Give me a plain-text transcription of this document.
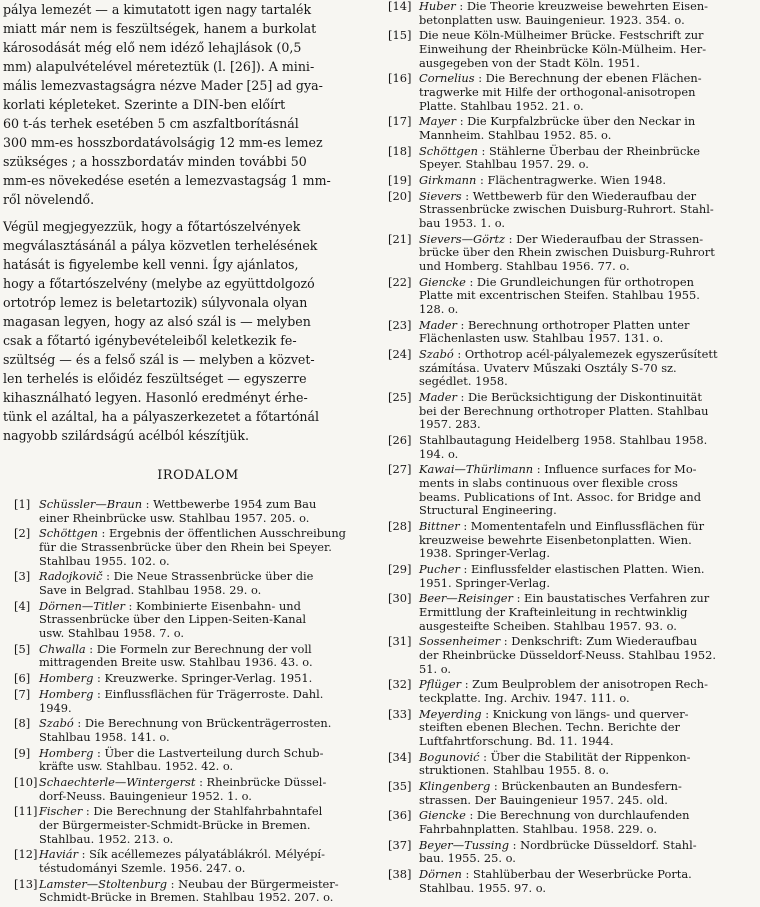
pálya lemezét — a kimutatott igen nagy tartalék
miatt már nem is feszültségek, hanem a burkolat
károsodását még elő nem idéző lehajlások (0,5
mm) alapulvételével méreteztük (l. [26]). A mini-
mális lemezvastagságra nézve Mader [25] ad gya-
korlati képleteket. Szerinte a DIN-ben előírt
60 t-ás terhek esetében 5 cm aszfaltborításnál
300 mm-es hosszbordatávolságig 12 mm-es lemez
szükséges ; a hosszbordatáv minden további 50
mm-es növekedése esetén a lemezvastagság 1 mm-
ről növelendő.

Végül megjegyezzük, hogy a főtartószelvények
megválasztásánál a pálya közvetlen terhelésének
hatását is figyelembe kell venni. Így ajánlatos,
hogy a főtartószelvény (melybe az együttdolgozó
ortotróp lemez is beletartozik) súlyvonala olyan
magasan legyen, hogy az alsó szál is — melyben
csak a főtartó igénybevételeiből keletkezik fe-
szültség — és a felső szál is — melyben a közvet-
len terhelés is előidéz feszültséget — egyszerre
kihasználható legyen. Hasonló eredményt érhe-
tünk el azáltal, ha a pályaszerkezetet a főtartónál
nagyobb szilárdságú acélból készítjük.

IRODALOM
[1] Schüssler—Braun : Wettbewerbe 1954 zum Bau
einer Rheinbrücke usw. Stahlbau 1957. 205. o.
[2] Schöttgen : Ergebnis der öffentlichen Ausschreibung
für die Strassenbrücke über den Rhein bei Speyer.
Stahlbau 1955. 102. o.
[3] Radojkovič : Die Neue Strassenbrücke über die
Save in Belgrad. Stahlbau 1958. 29. o.
[4] Dörnen—Titler : Kombinierte Eisenbahn- und
Strassenbrücke über den Lippen-Seiten-Kanal
usw. Stahlbau 1958. 7. o.
[5] Chwalla : Die Formeln zur Berechnung der voll
mittragenden Breite usw. Stahlbau 1936. 43. o.
[6] Homberg : Kreuzwerke. Springer-Verlag. 1951.
[7] Homberg : Einflussflächen für Trägerroste. Dahl.
1949.
[8] Szabó : Die Berechnung von Brückenträgerrosten.
Stahlbau 1958. 141. o.
[9] Homberg : Über die Lastverteilung durch Schub-
kräfte usw. Stahlbau. 1952. 42. o.
[10] Schaechterle—Wintergerst : Rheinbrücke Düssel-
dorf-Neuss. Bauingenieur 1952. 1. o.
[11] Fischer : Die Berechnung der Stahlfahrbahntafel
der Bürgermeister-Schmidt-Brücke in Bremen.
Stahlbau. 1952. 213. o.
[12] Haviár : Sík acéllemezes pályatáblákról. Mélyépí-
téstudományi Szemle. 1956. 247. o.
[13] Lamster—Stoltenburg : Neubau der Bürgermeister-
Schmidt-Brücke in Bremen. Stahlbau 1952. 207. o.
[14] Huber : Die Theorie kreuzweise bewehrten Eisen-
betonplatten usw. Bauingenieur. 1923. 354. o.
[15] Die neue Köln-Mülheimer Brücke. Festschrift zur
Einweihung der Rheinbrücke Köln-Mülheim. Her-
ausgegeben von der Stadt Köln. 1951.
[16] Cornelius : Die Berechnung der ebenen Flächen-
tragwerke mit Hilfe der orthogonal-anisotropen
Platte. Stahlbau 1952. 21. o.
[17] Mayer : Die Kurpfalzbrücke über den Neckar in
Mannheim. Stahlbau 1952. 85. o.
[18] Schöttgen : Stählerne Überbau der Rheinbrücke
Speyer. Stahlbau 1957. 29. o.
[19] Girkmann : Flächentragwerke. Wien 1948.
[20] Sievers : Wettbewerb für den Wiederaufbau der
Strassenbrücke zwischen Duisburg-Ruhrort. Stahl-
bau 1953. 1. o.
[21] Sievers—Görtz : Der Wiederaufbau der Strassen-
brücke über den Rhein zwischen Duisburg-Ruhrort
und Homberg. Stahlbau 1956. 77. o.
[22] Giencke : Die Grundleichungen für orthotropen
Platte mit excentrischen Steifen. Stahlbau 1955.
128. o.
[23] Mader : Berechnung orthotroper Platten unter
Flächenlasten usw. Stahlbau 1957. 131. o.
[24] Szabó : Orthotrop acél-pályalemezek egyszerűsített
számítása. Uvaterv Műszaki Osztály S-70 sz.
segédlet. 1958.
[25] Mader : Die Berücksichtigung der Diskontinuität
bei der Berechnung orthotroper Platten. Stahlbau
1957. 283.
[26] Stahlbautagung Heidelberg 1958. Stahlbau 1958.
194. o.
[27] Kawai—Thürlimann : Influence surfaces for Mo-
ments in slabs continuous over flexible cross
beams. Publications of Int. Assoc. for Bridge and
Structural Engineering.
[28] Bittner : Momententafeln und Einflussflächen für
kreuzweise bewehrte Eisenbetonplatten. Wien.
1938. Springer-Verlag.
[29] Pucher : Einflussfelder elastischen Platten. Wien.
1951. Springer-Verlag.
[30] Beer—Reisinger : Ein baustatisches Verfahren zur
Ermittlung der Krafteinleitung in rechtwinklig
ausgesteifte Scheiben. Stahlbau 1957. 93. o.
[31] Sossenheimer : Denkschrift: Zum Wiederaufbau
der Rheinbrücke Düsseldorf-Neuss. Stahlbau 1952.
51. o.
[32] Pflüger : Zum Beulproblem der anisotropen Rech-
teckplatte. Ing. Archiv. 1947. 111. o.
[33] Meyerding : Knickung von längs- und querver-
steiften ebenen Blechen. Techn. Berichte der
Luftfahrtforschung. Bd. 11. 1944.
[34] Bogunović : Über die Stabilität der Rippenkon-
struktionen. Stahlbau 1955. 8. o.
[35] Klingenberg : Brückenbauten an Bundesfern-
strassen. Der Bauingenieur 1957. 245. old.
[36] Giencke : Die Berechnung von durchlaufenden
Fahrbahnplatten. Stahlbau. 1958. 229. o.
[37] Beyer—Tussing : Nordbrücke Düsseldorf. Stahl-
bau. 1955. 25. o.
[38] Dörnen : Stahlüberbau der Weserbrücke Porta.
Stahlbau. 1955. 97. o.
